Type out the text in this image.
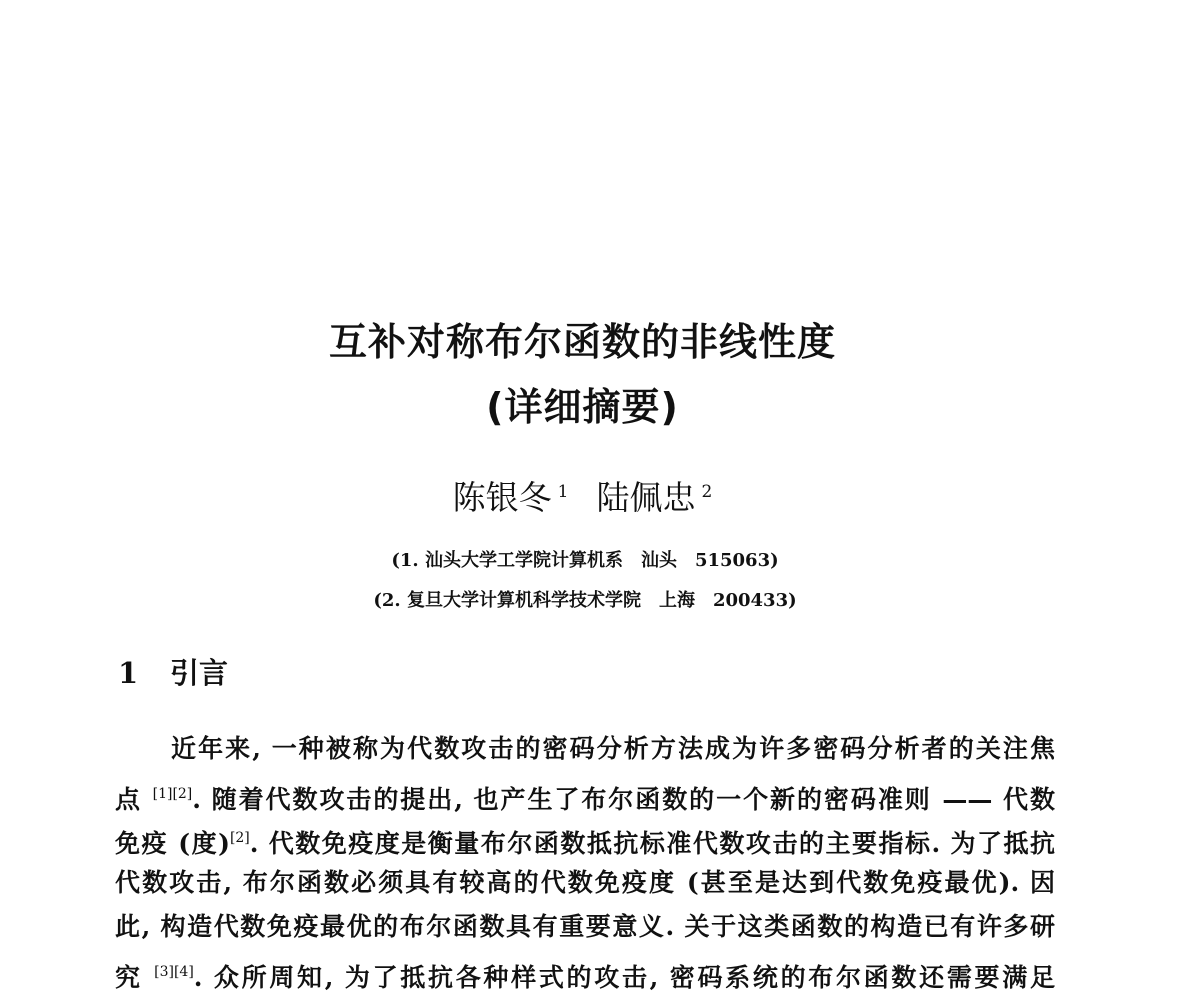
互补对称布尔函数的非线性度
(详细摘要)
陈银冬 $^1$ 陆佩忠 $^2$
(1. 汕头大学工学院计算机系 汕头 515063)
(2. 复旦大学计算机科学技术学院 上海 200433)
1 引言
近年来, 一种被称为代数攻击的密码分析方法成为许多密码分析者的关注焦
点 [1][2]. 随着代数攻击的提出, 也产生了布尔函数的一个新的密码准则 —— 代数
免疫 (度)[2]. 代数免疫度是衡量布尔函数抵抗标准代数攻击的主要指标. 为了抵抗
代数攻击, 布尔函数必须具有较高的代数免疫度 (甚至是达到代数免疫最优). 因
此, 构造代数免疫最优的布尔函数具有重要意义. 关于这类函数的构造已有许多研
究 [3][4]. 众所周知, 为了抵抗各种样式的攻击, 密码系统的布尔函数还需要满足
